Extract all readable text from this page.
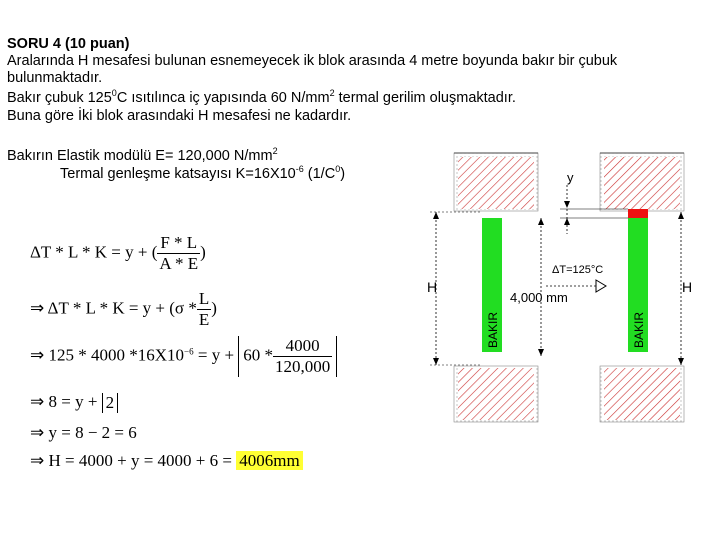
SORU 4 (10 puan)
Aralarında H mesafesi bulunan esnemeyecek ik blok arasında 4 metre boyunda bakır bir çubuk
bulunmaktadır.
Bakır çubuk $125^0C$ ısıtılınca iç yapısında 60 $N/mm^2$ termal gerilim oluşmaktadır.
Buna göre İki blok arasındaki H mesafesi ne kadardır.
Bakırın Elastik modülü E= 120,000 $N/mm^2$
Termal genleşme katsayısı $K=16X10^{-6}$ $(1/C^0)$
ΔT * L * K = y + ( $\frac{F * L}{A * E}$ )
⇒ $\Delta T * L * K = y + (\sigma * \frac{L}{E}$ )
⇒ 125 * 4000 $*16X10^{-6} = y + 60 * \frac{4000}{120,000}$
⇒ 8 = y + 2
⇒ y = 8 − 2 = 6
⇒ H = 4000 + y = 4000 + 6 = 4006mm
y
H	H
ΔT=125°C
4,000 mm
BAKIR	BAKIR
